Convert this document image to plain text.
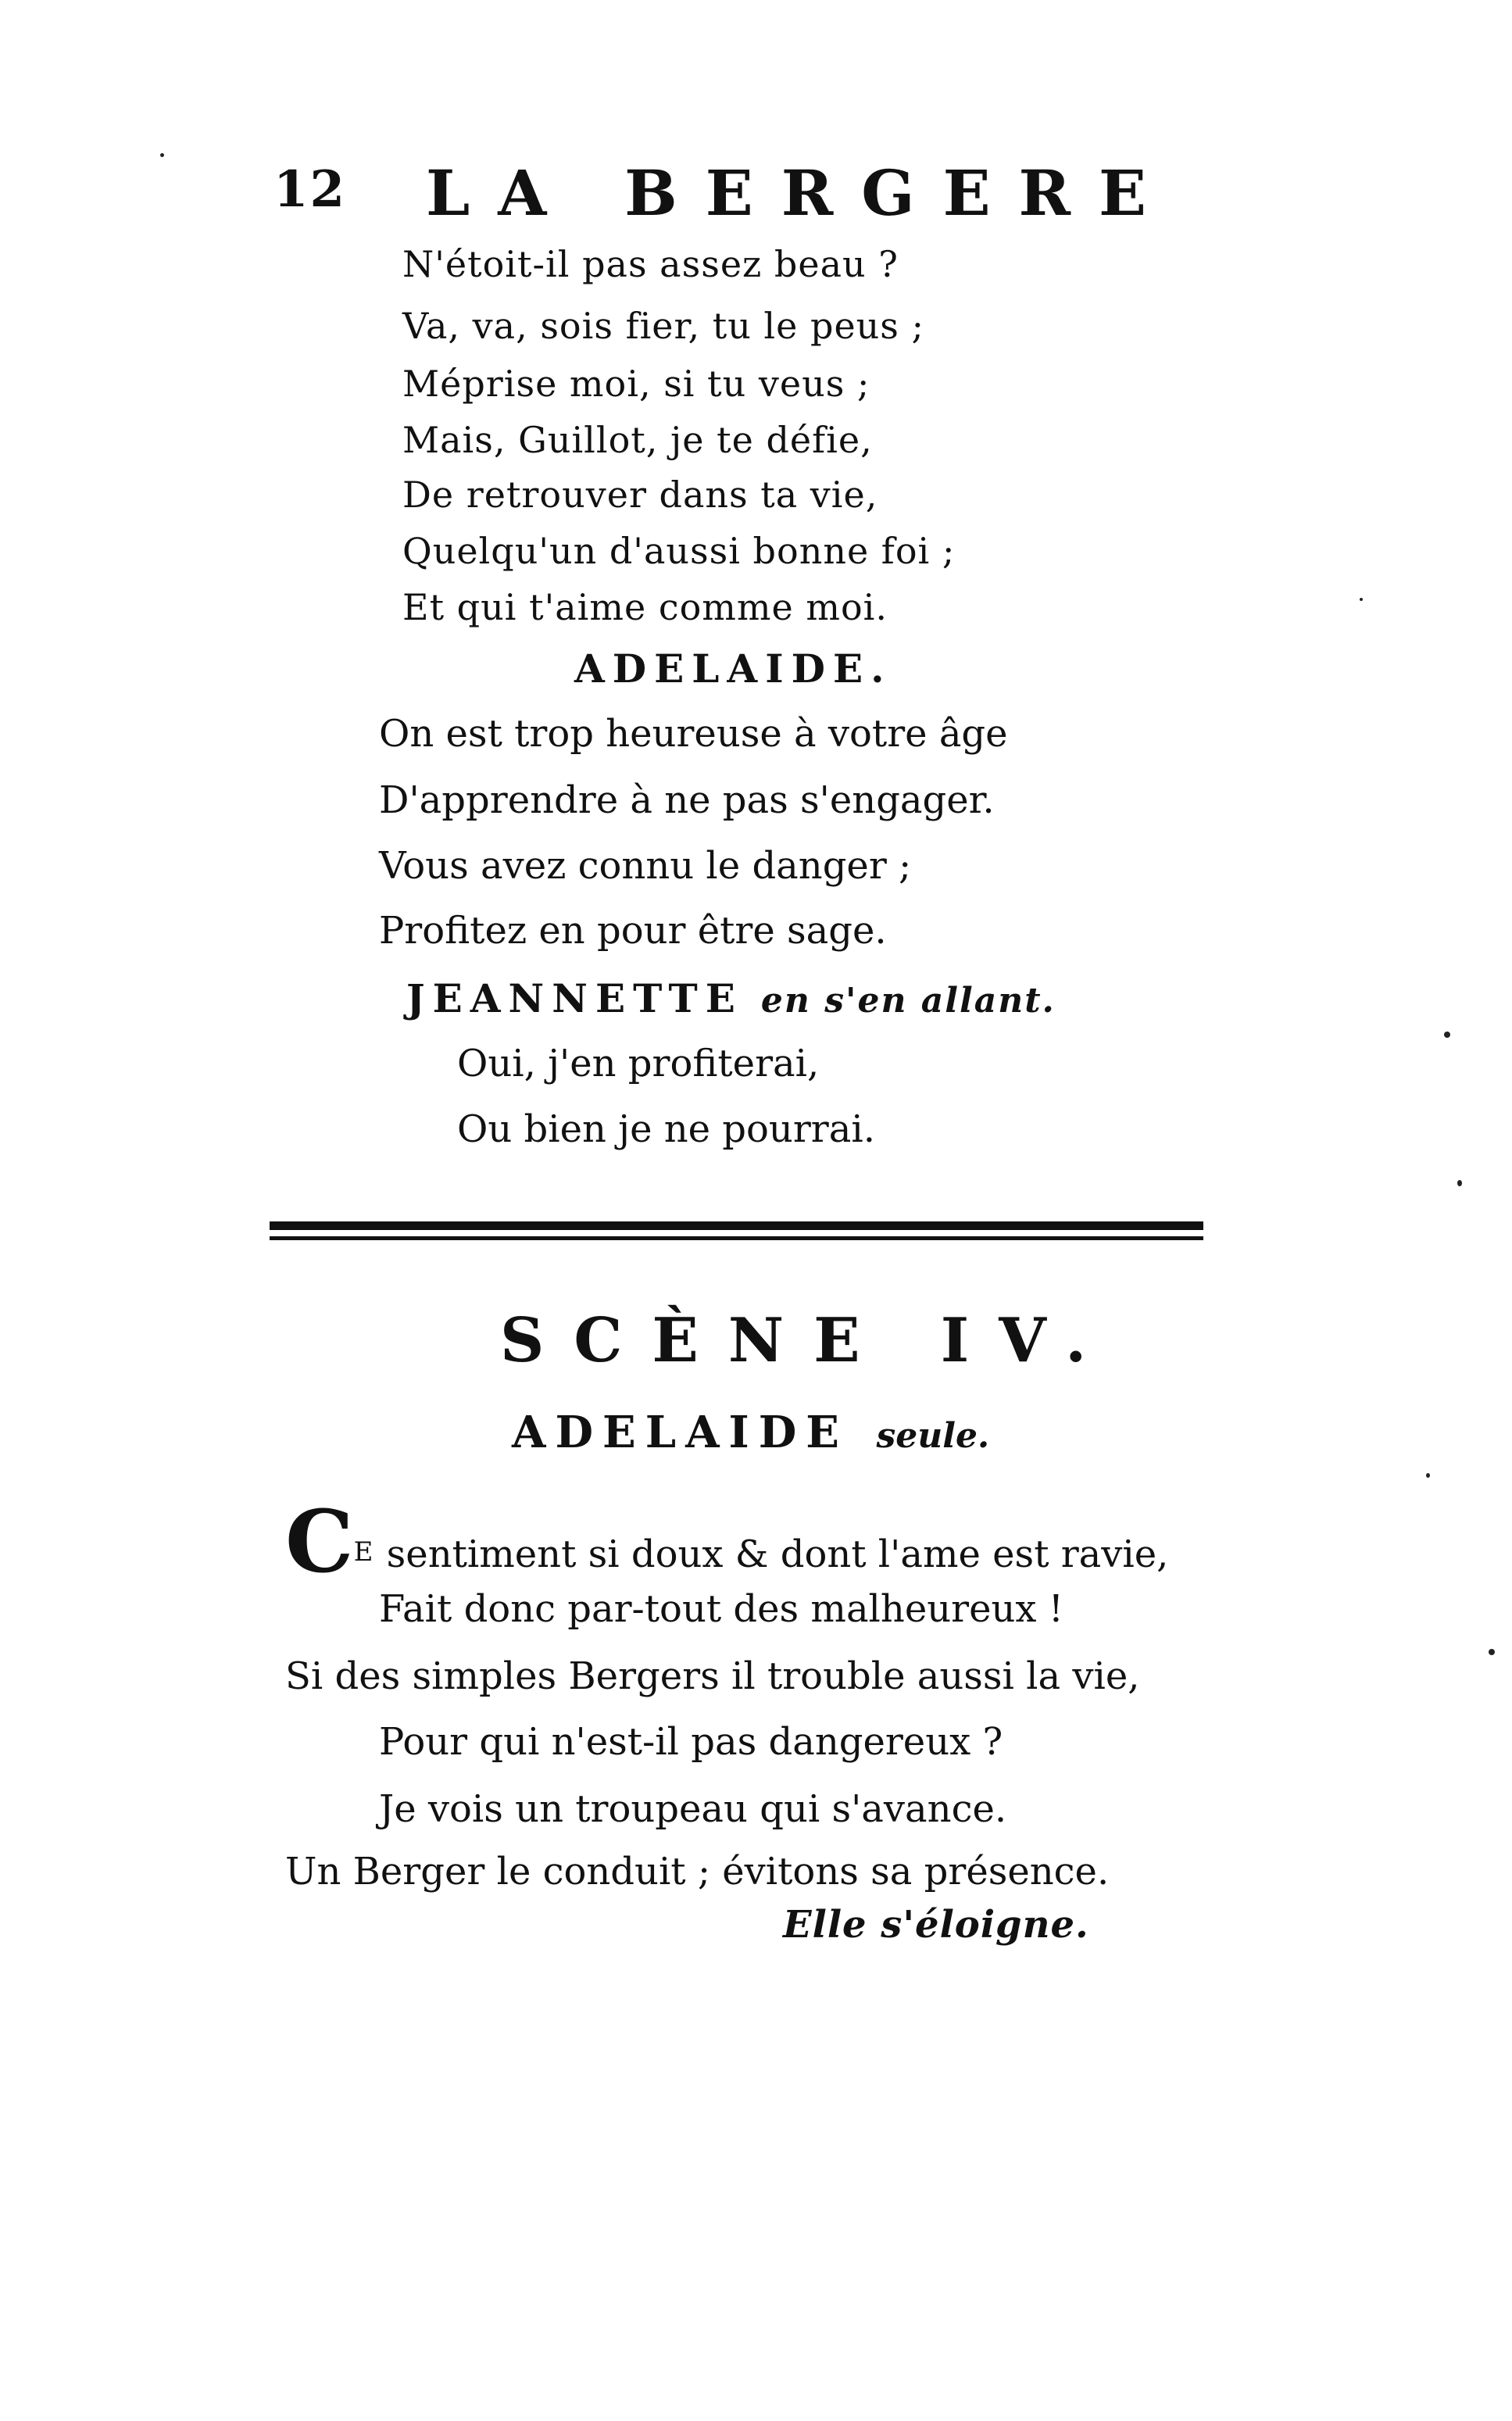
12 LA BERGERE
N'étoit-il pas assez beau ?
Va, va, sois fier, tu le peus ;
Méprise moi, si tu veus ;
Mais, Guillot, je te défie,
De retrouver dans ta vie,
Quelqu'un d'aussi bonne foi ;
Et qui t'aime comme moi.
ADELAIDE.
On est trop heureuse à votre âge
D'apprendre à ne pas s'engager.
Vous avez connu le danger ;
Profitez en pour être sage.
JEANNETTE en s'en allant.
Oui, j'en profiterai,
Ou bien je ne pourrai.
SCÈNE IV.
ADELAIDE seule.
CE sentiment si doux & dont l'ame est ravie,
Fait donc par-tout des malheureux !
Si des simples Bergers il trouble aussi la vie,
Pour qui n'est-il pas dangereux ?
Je vois un troupeau qui s'avance.
Un Berger le conduit ; évitons sa présence.
Elle s'éloigne.
